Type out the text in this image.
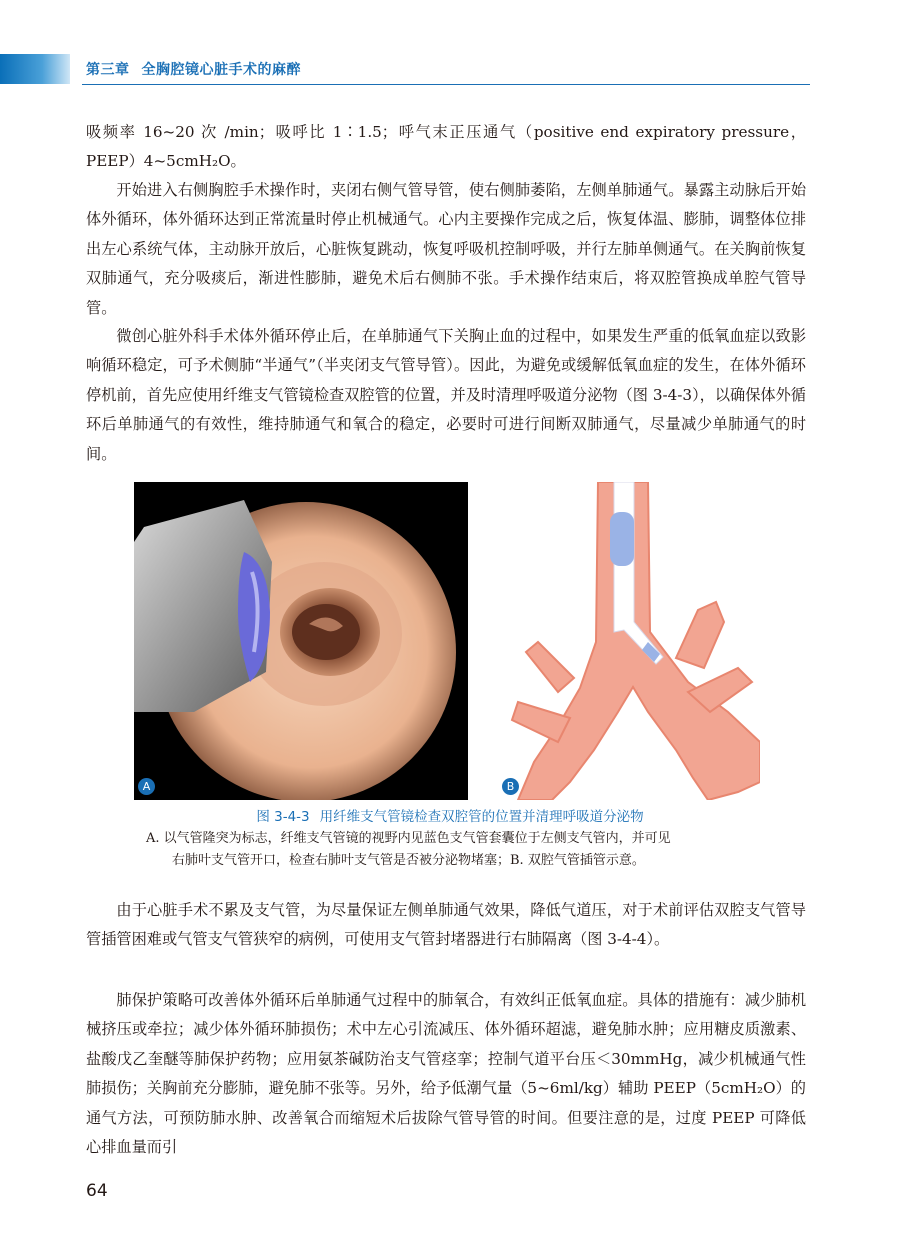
第三章 全胸腔镜心脏手术的麻醉
吸频率 16~20 次 /min；吸呼比 1∶1.5；呼气末正压通气（positive end expiratory pressure，PEEP）4~5cmH₂O。
开始进入右侧胸腔手术操作时，夹闭右侧气管导管，使右侧肺萎陷，左侧单肺通气。暴露主动脉后开始体外循环，体外循环达到正常流量时停止机械通气。心内主要操作完成之后，恢复体温、膨肺，调整体位排出左心系统气体，主动脉开放后，心脏恢复跳动，恢复呼吸机控制呼吸，并行左肺单侧通气。在关胸前恢复双肺通气，充分吸痰后，渐进性膨肺，避免术后右侧肺不张。手术操作结束后，将双腔管换成单腔气管导管。
微创心脏外科手术体外循环停止后，在单肺通气下关胸止血的过程中，如果发生严重的低氧血症以致影响循环稳定，可予术侧肺“半通气”（半夹闭支气管导管）。因此，为避免或缓解低氧血症的发生，在体外循环停机前，首先应使用纤维支气管镜检查双腔管的位置，并及时清理呼吸道分泌物（图 3-4-3），以确保体外循环后单肺通气的有效性，维持肺通气和氧合的稳定，必要时可进行间断双肺通气，尽量减少单肺通气的时间。
A	B
图 3-4-3 用纤维支气管镜检查双腔管的位置并清理呼吸道分泌物
A. 以气管隆突为标志，纤维支气管镜的视野内见蓝色支气管套囊位于左侧支气管内，并可见
右肺叶支气管开口，检查右肺叶支气管是否被分泌物堵塞；B. 双腔气管插管示意。
由于心脏手术不累及支气管，为尽量保证左侧单肺通气效果，降低气道压，对于术前评估双腔支气管导管插管困难或气管支气管狭窄的病例，可使用支气管封堵器进行右肺隔离（图 3-4-4）。
肺保护策略可改善体外循环后单肺通气过程中的肺氧合，有效纠正低氧血症。具体的措施有：减少肺机械挤压或牵拉；减少体外循环肺损伤；术中左心引流减压、体外循环超滤，避免肺水肿；应用糖皮质激素、盐酸戊乙奎醚等肺保护药物；应用氨茶碱防治支气管痉挛；控制气道平台压＜30mmHg，减少机械通气性肺损伤；关胸前充分膨肺，避免肺不张等。另外，给予低潮气量（5~6ml/kg）辅助 PEEP（5cmH₂O）的通气方法，可预防肺水肿、改善氧合而缩短术后拔除气管导管的时间。但要注意的是，过度 PEEP 可降低心排血量而引
64
